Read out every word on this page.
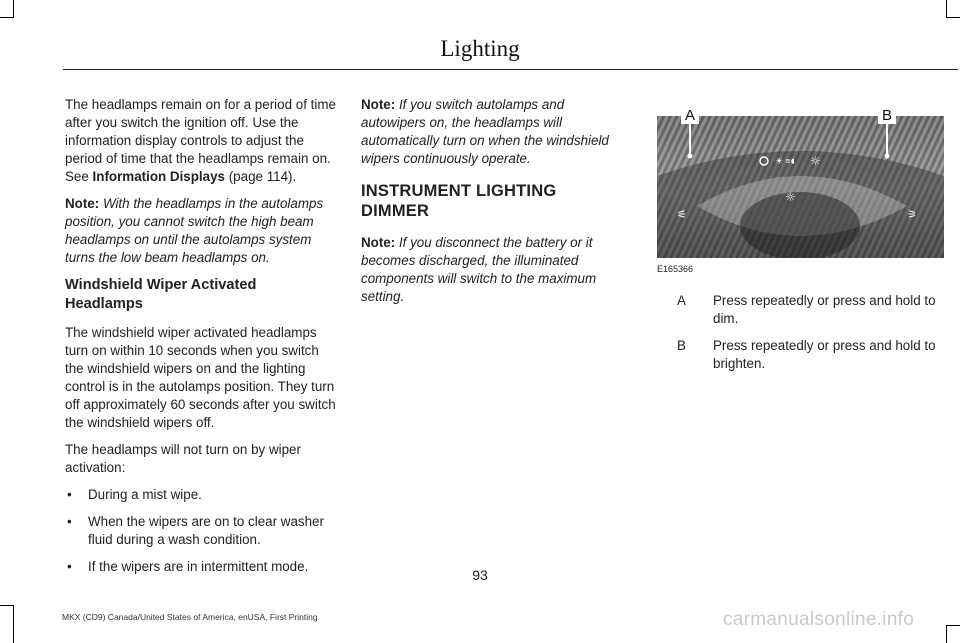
Lighting

The headlamps remain on for a period of time after you switch the ignition off. Use the information display controls to adjust the period of time that the headlamps remain on. See Information Displays (page 114).

Note: With the headlamps in the autolamps position, you cannot switch the high beam headlamps on until the autolamps system turns the low beam headlamps on.

Windshield Wiper Activated Headlamps

The windshield wiper activated headlamps turn on within 10 seconds when you switch the windshield wipers on and the lighting control is in the autolamps position. They turn off approximately 60 seconds after you switch the windshield wipers off.

The headlamps will not turn on by wiper activation:

• During a mist wipe.
• When the wipers are on to clear washer fluid during a wash condition.
• If the wipers are in intermittent mode.

Note: If you switch autolamps and autowipers on, the headlamps will automatically turn on when the windshield wipers continuously operate.

INSTRUMENT LIGHTING DIMMER

Note: If you disconnect the battery or it becomes discharged, the illuminated components will switch to the maximum setting.

☀ ≡◖ ☼
☼
⚟	⚞
A	B
E165366
A	Press repeatedly or press and hold to dim.
B	Press repeatedly or press and hold to brighten.
93
MKX (CD9) Canada/United States of America, enUSA, First Printing	carmanualsonline.info
